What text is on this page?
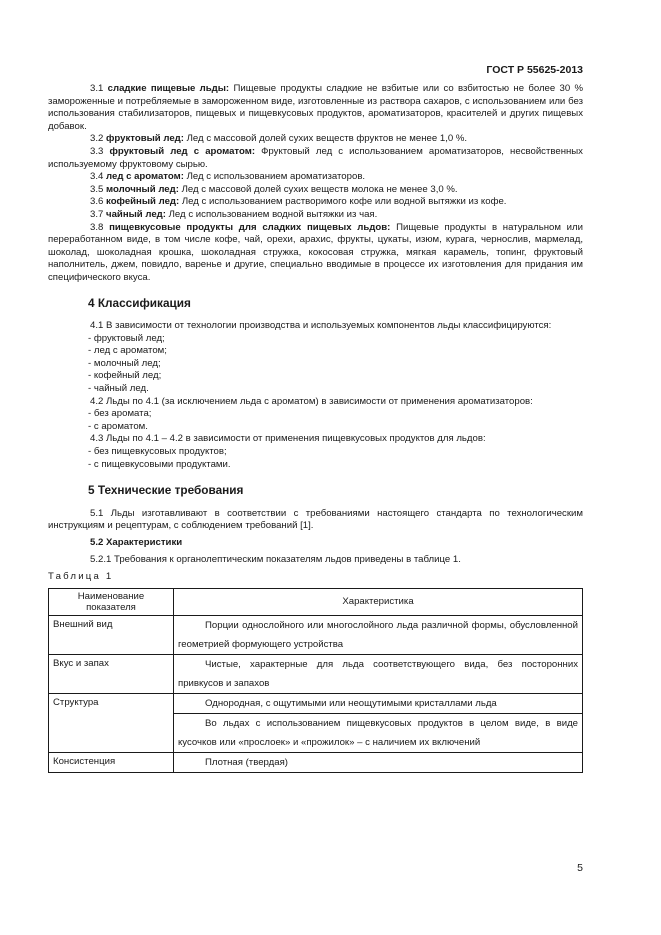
ГОСТ Р 55625-2013

3.1 сладкие пищевые льды: Пищевые продукты сладкие не взбитые или со взбитостью не более 30 % замороженные и потребляемые в замороженном виде, изготовленные из раствора сахаров, с использованием или без использования стабилизаторов, пищевых и пищевкусовых продуктов, ароматизаторов, красителей и других пищевых добавок.

3.2 фруктовый лед: Лед с массовой долей сухих веществ фруктов не менее 1,0 %.

3.3 фруктовый лед с ароматом: Фруктовый лед с использованием ароматизаторов, несвойственных используемому фруктовому сырью.

3.4 лед с ароматом: Лед с использованием ароматизаторов.

3.5 молочный лед: Лед с массовой долей сухих веществ молока не менее 3,0 %.

3.6 кофейный лед: Лед с использованием растворимого кофе или водной вытяжки из кофе.

3.7 чайный лед: Лед с использованием водной вытяжки из чая.

3.8 пищевкусовые продукты для сладких пищевых льдов: Пищевые продукты в натуральном или переработанном виде, в том числе кофе, чай, орехи, арахис, фрукты, цукаты, изюм, курага, чернослив, мармелад, шоколад, шоколадная крошка, шоколадная стружка, кокосовая стружка, мягкая карамель, топинг, фруктовый наполнитель, джем, повидло, варенье и другие, специально вводимые в процессе их изготовления для придания им специфического вкуса.

4 Классификация

4.1 В зависимости от технологии производства и используемых компонентов льды классифицируются:

- фруктовый лед;

- лед с ароматом;

- молочный лед;

- кофейный лед;

- чайный лед.

4.2 Льды по 4.1 (за исключением льда с ароматом) в зависимости от применения ароматизаторов:

- без аромата;

- с ароматом.

4.3 Льды по 4.1 – 4.2 в зависимости от применения пищевкусовых продуктов для льдов:

- без пищевкусовых продуктов;

- с пищевкусовыми продуктами.

5 Технические требования

5.1 Льды изготавливают в соответствии с требованиями настоящего стандарта по технологическим инструкциям и рецептурам, с соблюдением требований [1].

5.2 Характеристики

5.2.1 Требования к органолептическим показателям льдов приведены в таблице 1.

Таблица 1

Наименование показателя	Характеристика
Внешний вид	Порции однослойного или многослойного льда различной формы, обусловленной геометрией формующего устройства
Вкус и запах	Чистые, характерные для льда соответствующего вида, без посторонних привкусов и запахов
Структура	Однородная, с ощутимыми или неощутимыми кристаллами льда
	Во льдах с использованием пищевкусовых продуктов в целом виде, в виде кусочков или «прослоек» и «прожилок» – с наличием их включений
Консистенция	Плотная (твердая)
5
